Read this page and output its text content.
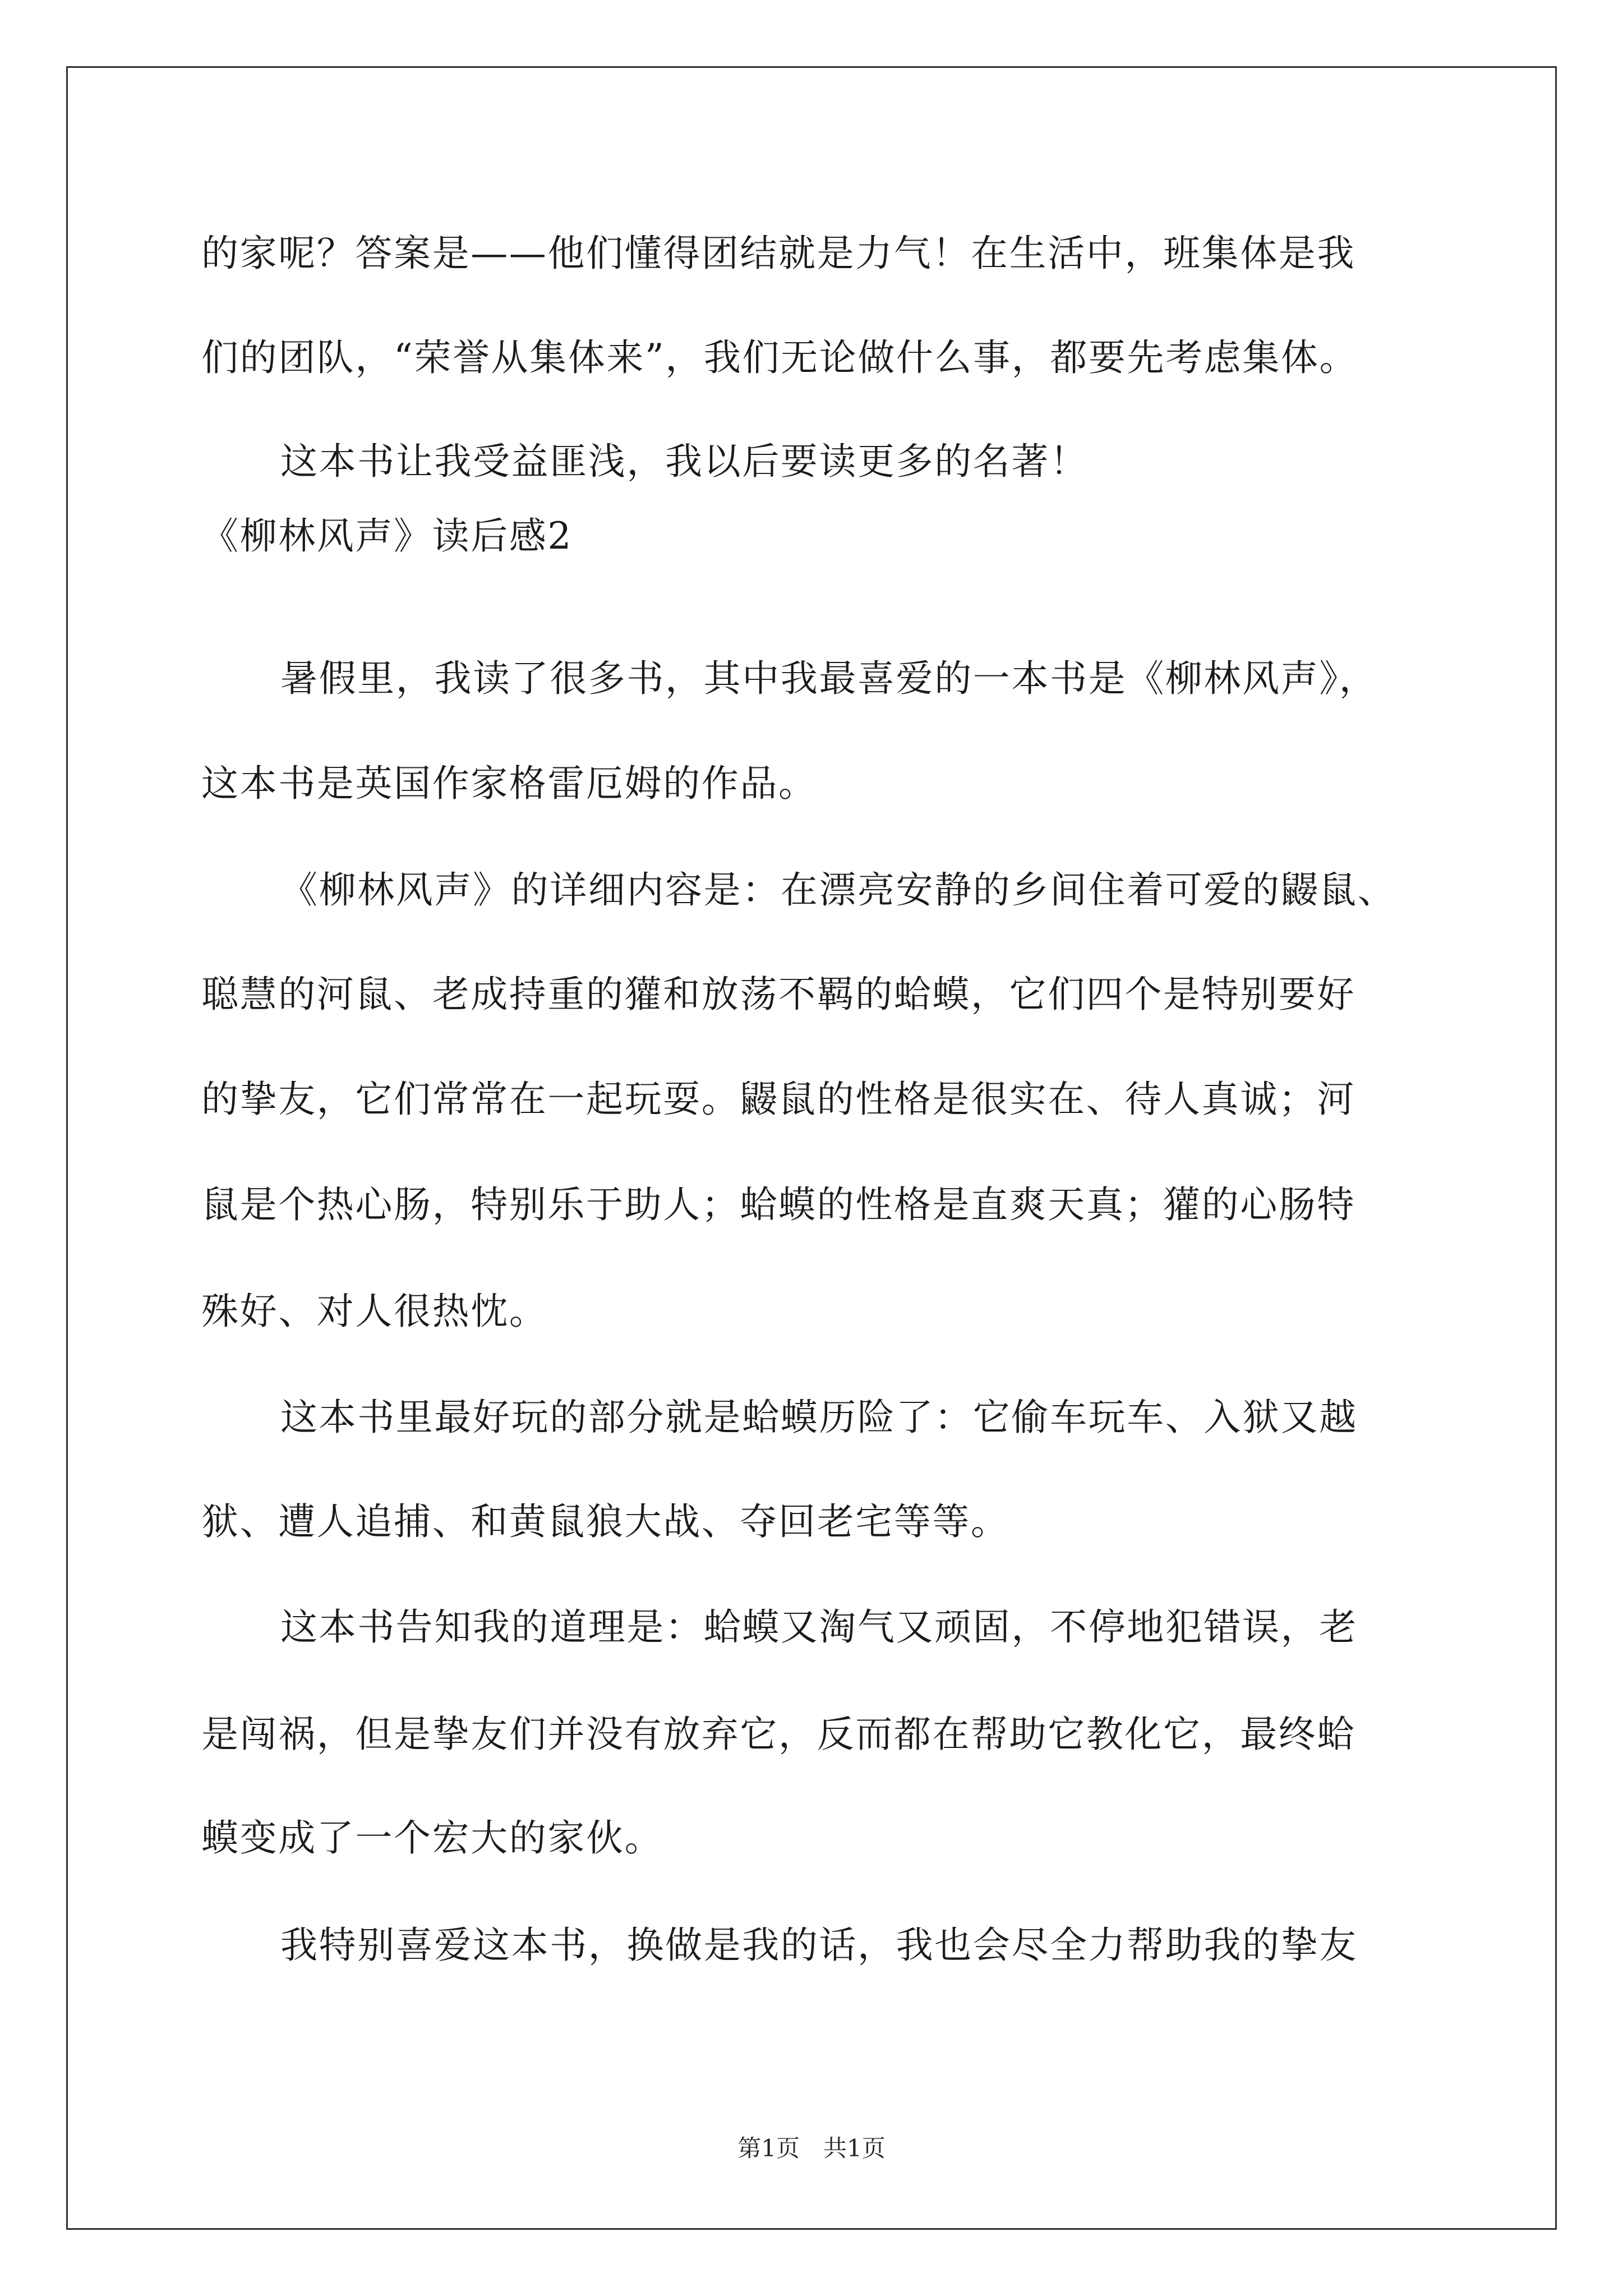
的家呢？答案是——他们懂得团结就是力气！在生活中，班集体是我
们的团队，“荣誉从集体来”，我们无论做什么事，都要先考虑集体。
这本书让我受益匪浅，我以后要读更多的名著！
《柳林风声》读后感2
暑假里，我读了很多书，其中我最喜爱的一本书是《柳林风声》，
这本书是英国作家格雷厄姆的作品。
《柳林风声》的详细内容是：在漂亮安静的乡间住着可爱的鼹鼠、
聪慧的河鼠、老成持重的獾和放荡不羁的蛤蟆，它们四个是特别要好
的挚友，它们常常在一起玩耍。鼹鼠的性格是很实在、待人真诚；河
鼠是个热心肠，特别乐于助人；蛤蟆的性格是直爽天真；獾的心肠特
殊好、对人很热忱。
这本书里最好玩的部分就是蛤蟆历险了：它偷车玩车、入狱又越
狱、遭人追捕、和黄鼠狼大战、夺回老宅等等。
这本书告知我的道理是：蛤蟆又淘气又顽固，不停地犯错误，老
是闯祸，但是挚友们并没有放弃它，反而都在帮助它教化它，最终蛤
蟆变成了一个宏大的家伙。
我特别喜爱这本书，换做是我的话，我也会尽全力帮助我的挚友
第1页　共1页
